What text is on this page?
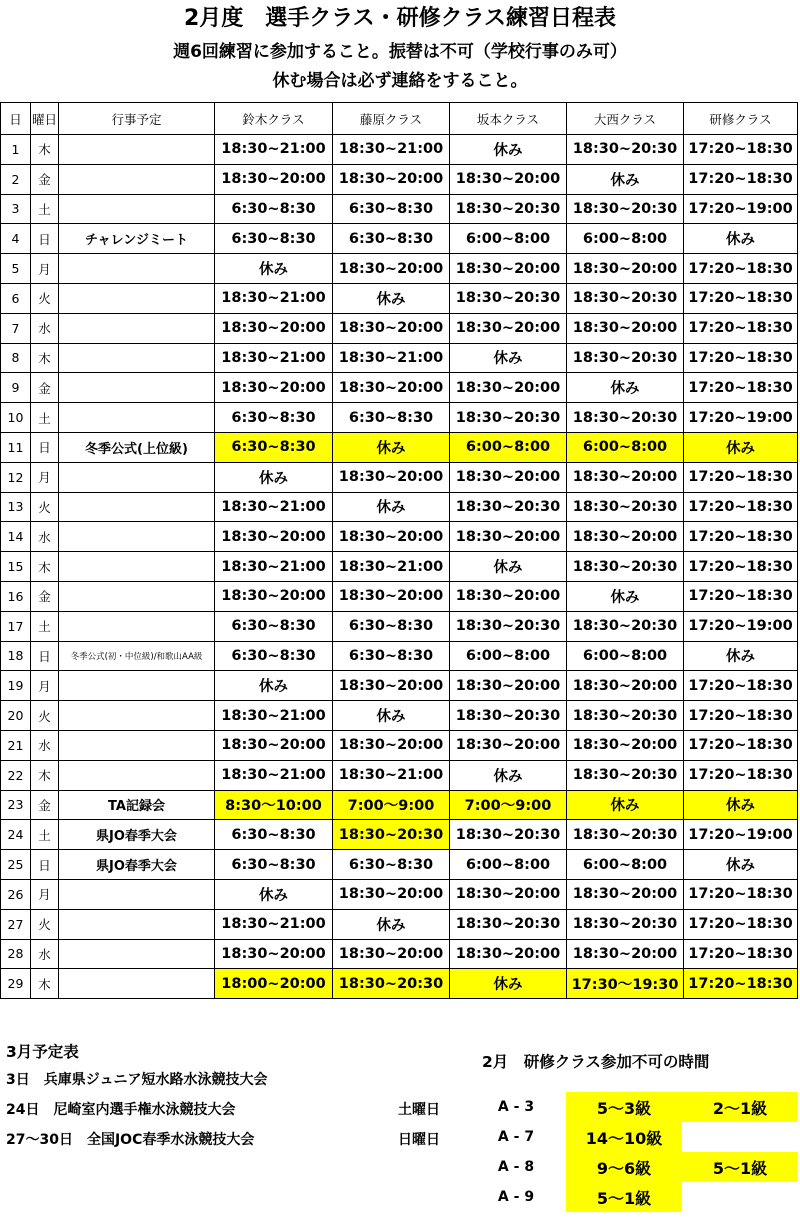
2月度　選手クラス・研修クラス練習日程表
週6回練習に参加すること。振替は不可（学校行事のみ可）
休む場合は必ず連絡をすること。
日	曜日	行事予定	鈴木クラス	藤原クラス	坂本クラス	大西クラス	研修クラス
1	木		18:30~21:00	18:30~21:00	休み	18:30~20:30	17:20~18:30
2	金		18:30~20:00	18:30~20:00	18:30~20:00	休み	17:20~18:30
3	土		6:30~8:30	6:30~8:30	18:30~20:30	18:30~20:30	17:20~19:00
4	日	チャレンジミート	6:30~8:30	6:30~8:30	6:00~8:00	6:00~8:00	休み
5	月		休み	18:30~20:00	18:30~20:00	18:30~20:00	17:20~18:30
6	火		18:30~21:00	休み	18:30~20:30	18:30~20:30	17:20~18:30
7	水		18:30~20:00	18:30~20:00	18:30~20:00	18:30~20:00	17:20~18:30
8	木		18:30~21:00	18:30~21:00	休み	18:30~20:30	17:20~18:30
9	金		18:30~20:00	18:30~20:00	18:30~20:00	休み	17:20~18:30
10	土		6:30~8:30	6:30~8:30	18:30~20:30	18:30~20:30	17:20~19:00
11	日	冬季公式(上位級)	6:30~8:30	休み	6:00~8:00	6:00~8:00	休み
12	月		休み	18:30~20:00	18:30~20:00	18:30~20:00	17:20~18:30
13	火		18:30~21:00	休み	18:30~20:30	18:30~20:30	17:20~18:30
14	水		18:30~20:00	18:30~20:00	18:30~20:00	18:30~20:00	17:20~18:30
15	木		18:30~21:00	18:30~21:00	休み	18:30~20:30	17:20~18:30
16	金		18:30~20:00	18:30~20:00	18:30~20:00	休み	17:20~18:30
17	土		6:30~8:30	6:30~8:30	18:30~20:30	18:30~20:30	17:20~19:00
18	日	冬季公式(初・中位級)/和歌山AA級	6:30~8:30	6:30~8:30	6:00~8:00	6:00~8:00	休み
19	月		休み	18:30~20:00	18:30~20:00	18:30~20:00	17:20~18:30
20	火		18:30~21:00	休み	18:30~20:30	18:30~20:30	17:20~18:30
21	水		18:30~20:00	18:30~20:00	18:30~20:00	18:30~20:00	17:20~18:30
22	木		18:30~21:00	18:30~21:00	休み	18:30~20:30	17:20~18:30
23	金	TA記録会	8:30～10:00	7:00～9:00	7:00～9:00	休み	休み
24	土	県JO春季大会	6:30~8:30	18:30~20:30	18:30~20:30	18:30~20:30	17:20~19:00
25	日	県JO春季大会	6:30~8:30	6:30~8:30	6:00~8:00	6:00~8:00	休み
26	月		休み	18:30~20:00	18:30~20:00	18:30~20:00	17:20~18:30
27	火		18:30~21:00	休み	18:30~20:30	18:30~20:30	17:20~18:30
28	水		18:30~20:00	18:30~20:00	18:30~20:00	18:30~20:00	17:20~18:30
29	木		18:00~20:00	18:30~20:30	休み	17:30～19:30	17:20~18:30
3月予定表
3日　兵庫県ジュニア短水路水泳競技大会
24日　尼崎室内選手権水泳競技大会
27～30日　全国JOC春季水泳競技大会
土曜日
日曜日
2月　研修クラス参加不可の時間
A - 3	5～3級	2～1級
A - 7	14～10級	
A - 8	9～6級	5～1級
A - 9	5～1級	
